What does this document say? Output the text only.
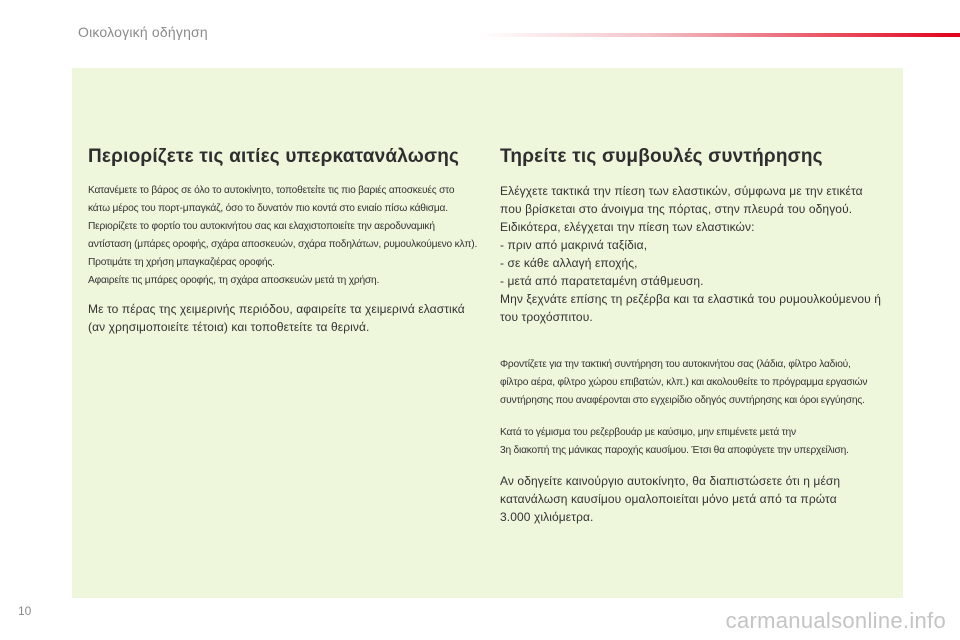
Οικολογική οδήγηση
Περιορίζετε τις αιτίες υπερκατανάλωσης
Κατανέμετε το βάρος σε όλο το αυτοκίνητο, τοποθετείτε τις πιο βαριές αποσκευές στο
κάτω μέρος του πορτ-μπαγκάζ, όσο το δυνατόν πιο κοντά στο ενιαίο πίσω κάθισμα.
Περιορίζετε το φορτίο του αυτοκινήτου σας και ελαχιστοποιείτε την αεροδυναμική
αντίσταση (μπάρες οροφής, σχάρα αποσκευών, σχάρα ποδηλάτων, ρυμουλκούμενο κλπ).
Προτιμάτε τη χρήση μπαγκαζιέρας οροφής.
Αφαιρείτε τις μπάρες οροφής, τη σχάρα αποσκευών μετά τη χρήση.
Με το πέρας της χειμερινής περιόδου, αφαιρείτε τα χειμερινά ελαστικά
(αν χρησιμοποιείτε τέτοια) και τοποθετείτε τα θερινά.
Τηρείτε τις συμβουλές συντήρησης
Ελέγχετε τακτικά την πίεση των ελαστικών, σύμφωνα με την ετικέτα
που βρίσκεται στο άνοιγμα της πόρτας, στην πλευρά του οδηγού.
Ειδικότερα, ελέγχεται την πίεση των ελαστικών:
- πριν από μακρινά ταξίδια,
- σε κάθε αλλαγή εποχής,
- μετά από παρατεταμένη στάθμευση.
Μην ξεχνάτε επίσης τη ρεζέρβα και τα ελαστικά του ρυμουλκούμενου ή
του τροχόσπιτου.
Φροντίζετε για την τακτική συντήρηση του αυτοκινήτου σας (λάδια, φίλτρο λαδιού,
φίλτρο αέρα, φίλτρο χώρου επιβατών, κλπ.) και ακολουθείτε το πρόγραμμα εργασιών
συντήρησης που αναφέρονται στο εγχειρίδιο οδηγός συντήρησης και όροι εγγύησης.
Κατά το γέμισμα του ρεζερβουάρ με καύσιμο, μην επιμένετε μετά την
3η διακοπή της μάνικας παροχής καυσίμου. Έτσι θα αποφύγετε την υπερχείλιση.
Αν οδηγείτε καινούργιο αυτοκίνητο, θα διαπιστώσετε ότι η μέση
κατανάλωση καυσίμου ομαλοποιείται μόνο μετά από τα πρώτα
3.000 χιλιόμετρα.
10	carmanualsonline.info
